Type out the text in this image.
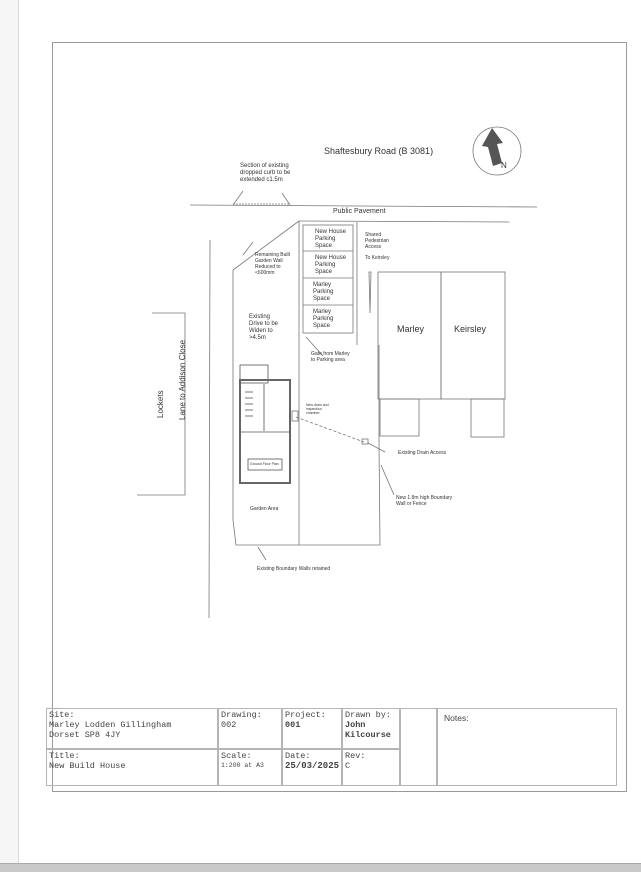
Shaftesbury Road (B 3081)
N
Section of existing
dropped curb to be
extended c1.5m
Public Pavement
New House
Parking
Space
New House
Parking
Space
Marley
Parking
Space
Marley
Parking
Space
Remaining Built
Garden Wall
Reduced to
<600mm
Existing
Drive to be
Widen to
>4.5m
Shared
Pedestrian
Access
To Keirsley
Marley	Keirsley
Gate from Marley
to Parking area
New drain and
inspection
chamber
Existing Drain Access
New 1.8m high Boundary
Wall or Fence
Ground Floor Plan
Garden Area
Existing Boundary Walls retained
Lane to Addison Close
Lockets
Site:
Marley Lodden Gillingham
Dorset SP8 4JY
Drawing:
002
Project:
001
Drawn by:
John
Kilcourse
Notes:
Title:
New Build House
Scale:
1:200 at A3
Date:
25/03/2025
Rev:
C
